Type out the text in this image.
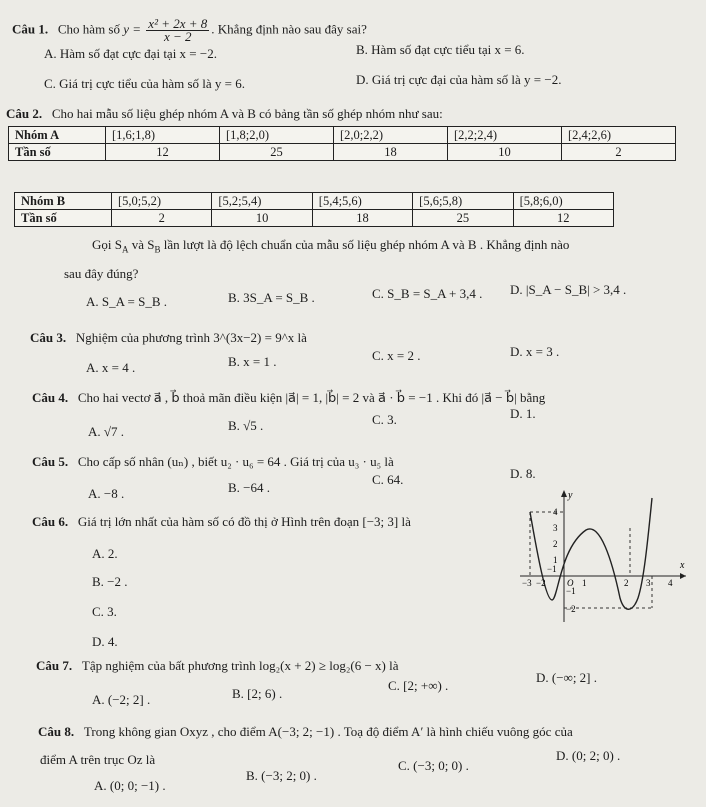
Câu 1. Cho hàm số $y = \frac{\text{x² + 2x + 8}}{x - 2}$ . Khẳng định nào sau đây sai?
A. Hàm số đạt cực đại tại x = −2.	B. Hàm số đạt cực tiểu tại x = 6.
C. Giá trị cực tiểu của hàm số là y = 6.	D. Giá trị cực đại của hàm số là y = −2.
Câu 2. Cho hai mẫu số liệu ghép nhóm A và B có bảng tần số ghép nhóm như sau:
Nhóm A	[1,6;1,8)	[1,8;2,0)	[2,0;2,2)	[2,2;2,4)	[2,4;2,6)
Tần số	12	25	18	10	2
Nhóm B	[5,0;5,2)	[5,2;5,4)	[5,4;5,6)	[5,6;5,8)	[5,8;6,0)
Tần số	2	10	18	25	12
Gọi $S_A$ và $S_B$ lần lượt là độ lệch chuẩn của mẫu số liệu ghép nhóm A và B . Khẳng định nào
sau đây đúng?
A. S_A = S_B .	B. 3S_A = S_B .	C. S_B = S_A + 3,4 . D. |S_A − S_B| > 3,4 .
Câu 3. Nghiệm của phương trình 3^(3x−2) = 9^x là
A. x = 4 .	B. x = 1 .	C. x = 2 .	D. x = 3 .
Câu 4. Cho hai vectơ a⃗ , b⃗ thoả mãn điều kiện |a⃗| = 1, |b⃗| = 2 và a⃗ · b⃗ = −1 . Khi đó |a⃗ − b⃗| bằng
A. √7 .	B. √5 .	C. 3.	D. 1.
Câu 5. Cho cấp số nhân (uₙ) , biết u₂ · u₆ = 64 . Giá trị của u₃ · u₅ là
A. −8 .	B. −64 .
C. 64.	D. 8.
Câu 6. Giá trị lớn nhất của hàm số có đồ thị ở Hình trên đoạn [−3; 3] là
A. 2.
B. −2 .
C. 3.
D. 4.
y
x
4
3
2
1
−1
−2
−3 −2
−1
O 1	2 3 4
Câu 7. Tập nghiệm của bất phương trình log₂(x + 2) ≥ log₂(6 − x) là
A. (−2; 2] .	B. [2; 6) .
C. [2; +∞) .
D. (−∞; 2] .
Câu 8. Trong không gian Oxyz , cho điểm A(−3; 2; −1) . Toạ độ điểm A′ là hình chiếu vuông góc của
điểm A trên trục Oz là
A. (0; 0; −1) .
B. (−3; 2; 0) .
C. (−3; 0; 0) .
D. (0; 2; 0) .
